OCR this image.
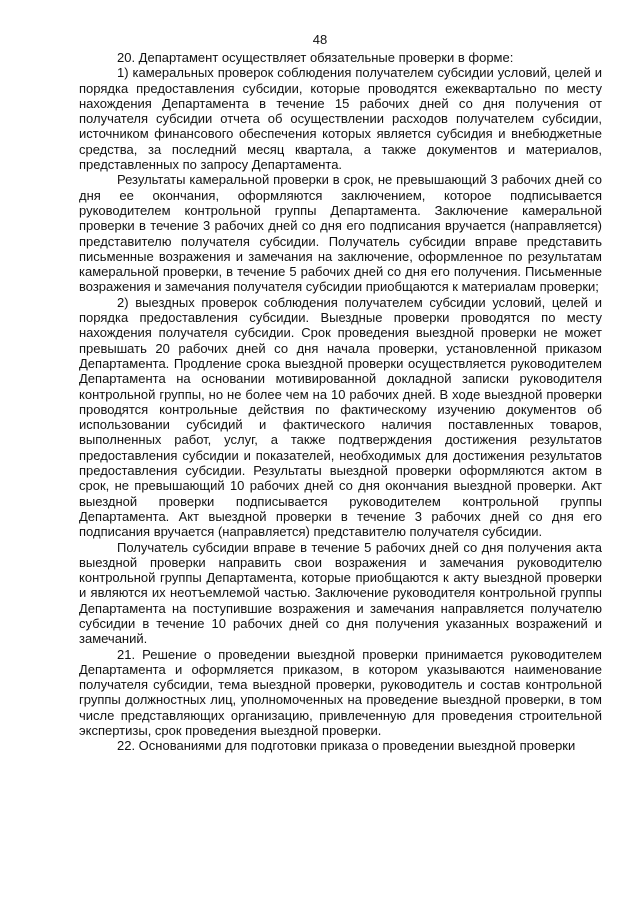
48

20. Департамент осуществляет обязательные проверки в форме:

1) камеральных проверок соблюдения получателем субсидии условий, целей и порядка предоставления субсидии, которые проводятся ежеквартально по месту нахождения Департамента в течение 15 рабочих дней со дня получения от получателя субсидии отчета об осуществлении расходов получателем субсидии, источником финансового обеспечения которых является субсидия и внебюджетные средства, за последний месяц квартала, а также документов и материалов, представленных по запросу Департамента.

Результаты камеральной проверки в срок, не превышающий 3 рабочих дней со дня ее окончания, оформляются заключением, которое подписывается руководителем контрольной группы Департамента. Заключение камеральной проверки в течение 3 рабочих дней со дня его подписания вручается (направляется) представителю получателя субсидии. Получатель субсидии вправе представить письменные возражения и замечания на заключение, оформленное по результатам камеральной проверки, в течение 5 рабочих дней со дня его получения. Письменные возражения и замечания получателя субсидии приобщаются к материалам проверки;

2) выездных проверок соблюдения получателем субсидии условий, целей и порядка предоставления субсидии. Выездные проверки проводятся по месту нахождения получателя субсидии. Срок проведения выездной проверки не может превышать 20 рабочих дней со дня начала проверки, установленной приказом Департамента. Продление срока выездной проверки осуществляется руководителем Департамента на основании мотивированной докладной записки руководителя контрольной группы, но не более чем на 10 рабочих дней. В ходе выездной проверки проводятся контрольные действия по фактическому изучению документов об использовании субсидий и фактического наличия поставленных товаров, выполненных работ, услуг, а также подтверждения достижения результатов предоставления субсидии и показателей, необходимых для достижения результатов предоставления субсидии. Результаты выездной проверки оформляются актом в срок, не превышающий 10 рабочих дней со дня окончания выездной проверки. Акт выездной проверки подписывается руководителем контрольной группы Департамента. Акт выездной проверки в течение 3 рабочих дней со дня его подписания вручается (направляется) представителю получателя субсидии.

Получатель субсидии вправе в течение 5 рабочих дней со дня получения акта выездной проверки направить свои возражения и замечания руководителю контрольной группы Департамента, которые приобщаются к акту выездной проверки и являются их неотъемлемой частью. Заключение руководителя контрольной группы Департамента на поступившие возражения и замечания направляется получателю субсидии в течение 10 рабочих дней со дня получения указанных возражений и замечаний.

21. Решение о проведении выездной проверки принимается руководителем Департамента и оформляется приказом, в котором указываются наименование получателя субсидии, тема выездной проверки, руководитель и состав контрольной группы должностных лиц, уполномоченных на проведение выездной проверки, в том числе представляющих организацию, привлеченную для проведения строительной экспертизы, срок проведения выездной проверки.

22. Основаниями для подготовки приказа о проведении выездной проверки
